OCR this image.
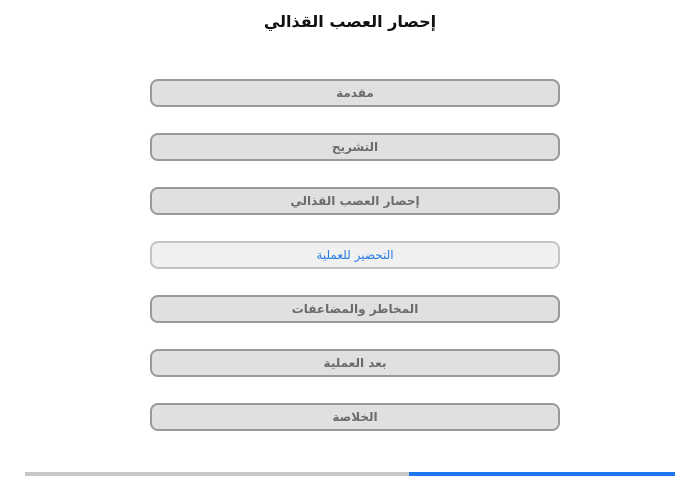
إحصار العصب القذالي
مقدمة
التشريح
إحصار العصب القذالي
التحضير للعملية
المخاطر والمضاعفات
بعد العملية
الخلاصة
